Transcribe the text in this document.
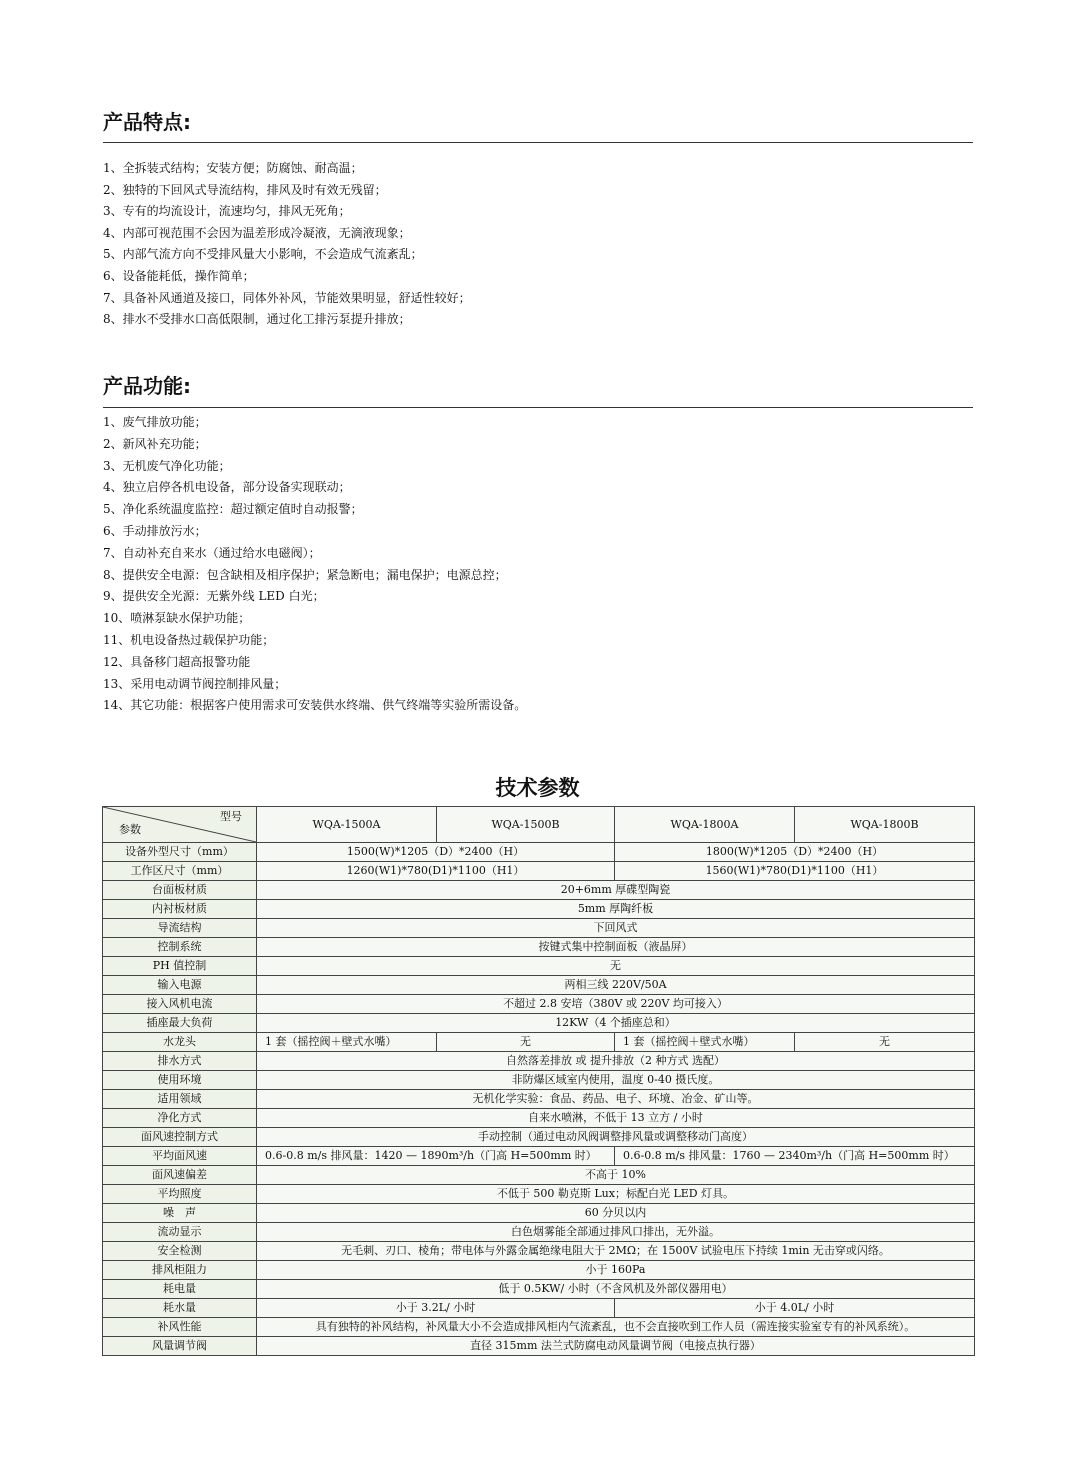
产品特点:
1、全拆装式结构；安装方便；防腐蚀、耐高温；
2、独特的下回风式导流结构，排风及时有效无残留；
3、专有的均流设计，流速均匀，排风无死角；
4、内部可视范围不会因为温差形成冷凝液，无滴液现象；
5、内部气流方向不受排风量大小影响，不会造成气流紊乱；
6、设备能耗低，操作简单；
7、具备补风通道及接口，同体外补风，节能效果明显，舒适性较好；
8、排水不受排水口高低限制，通过化工排污泵提升排放；
产品功能:
1、废气排放功能；
2、新风补充功能；
3、无机废气净化功能；
4、独立启停各机电设备，部分设备实现联动；
5、净化系统温度监控：超过额定值时自动报警；
6、手动排放污水；
7、自动补充自来水（通过给水电磁阀）；
8、提供安全电源：包含缺相及相序保护；紧急断电；漏电保护；电源总控；
9、提供安全光源：无紫外线 LED 白光；
10、喷淋泵缺水保护功能；
11、机电设备热过载保护功能；
12、具备移门超高报警功能
13、采用电动调节阀控制排风量；
14、其它功能：根据客户使用需求可安装供水终端、供气终端等实验所需设备。
技术参数
型号
参数	WQA-1500A	WQA-1500B	WQA-1800A	WQA-1800B
设备外型尺寸（mm）	1500(W)*1205（D）*2400（H）		1800(W)*1205（D）*2400（H）	
工作区尺寸（mm）	1260(W1)*780(D1)*1100（H1）		1560(W1)*780(D1)*1100（H1）	
台面板材质	20+6mm 厚碟型陶瓷			
内衬板材质	5mm 厚陶纤板			
导流结构	下回风式			
控制系统	按键式集中控制面板（液晶屏）			
PH 值控制	无			
输入电源	两相三线 220V/50A			
接入风机电流	不超过 2.8 安培（380V 或 220V 均可接入）			
插座最大负荷	12KW（4 个插座总和）			
水龙头	1 套（摇控阀＋壁式水嘴）	无	1 套（摇控阀＋壁式水嘴）	无
排水方式	自然落差排放 或 提升排放（2 种方式 选配）			
使用环境	非防爆区域室内使用，温度 0-40 摄氏度。			
适用领域	无机化学实验：食品、药品、电子、环境、冶金、矿山等。			
净化方式	自来水喷淋，不低于 13 立方 / 小时			
面风速控制方式	手动控制（通过电动风阀调整排风量或调整移动门高度）			
平均面风速	0.6-0.8 m/s 排风量：1420 — 1890m³/h（门高 H=500mm 时）		0.6-0.8 m/s 排风量：1760 — 2340m³/h（门高 H=500mm 时）	
面风速偏差	不高于 10%			
平均照度	不低于 500 勒克斯 Lux；标配白光 LED 灯具。			
噪　声	60 分贝以内			
流动显示	白色烟雾能全部通过排风口排出，无外溢。			
安全检测	无毛刺、刃口、棱角；带电体与外露金属绝缘电阻大于 2MΩ；在 1500V 试验电压下持续 1min 无击穿或闪络。			
排风柜阻力	小于 160Pa			
耗电量	低于 0.5KW/ 小时（不含风机及外部仪器用电）			
耗水量	小于 3.2L/ 小时		小于 4.0L/ 小时	
补风性能	具有独特的补风结构，补风量大小不会造成排风柜内气流紊乱，也不会直接吹到工作人员（需连接实验室专有的补风系统）。			
风量调节阀	直径 315mm 法兰式防腐电动风量调节阀（电接点执行器）			
